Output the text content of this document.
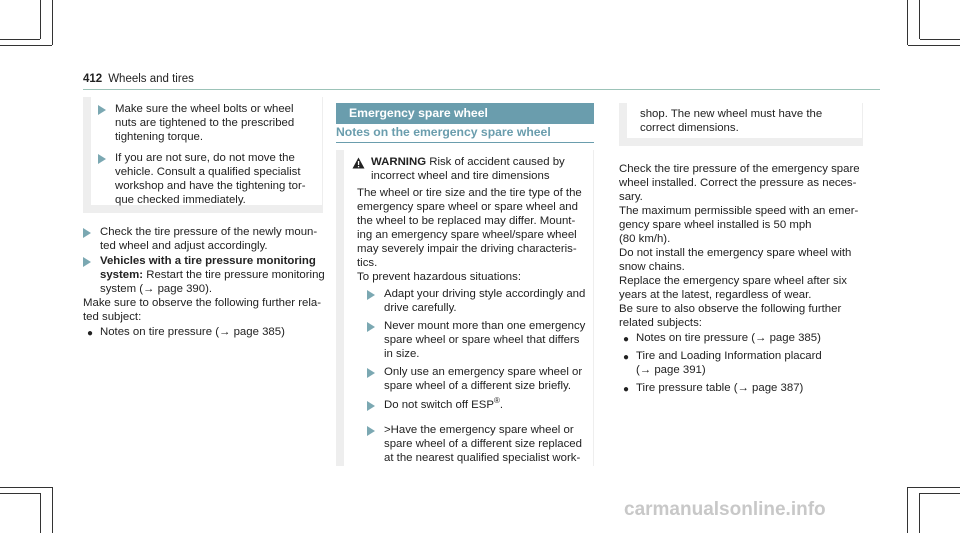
412 Wheels and tires
Make sure the wheel bolts or wheel
nuts are tightened to the prescribed
tightening torque.
If you are not sure, do not move the
vehicle. Consult a qualified specialist
workshop and have the tightening tor-
que checked immediately.
Check the tire pressure of the newly moun-
ted wheel and adjust accordingly.
Vehicles with a tire pressure monitoring
system: Restart the tire pressure monitoring
system (→ page 390).
Make sure to observe the following further rela-
ted subject:
● Notes on tire pressure (→ page 385)
Emergency spare wheel
Notes on the emergency spare wheel
WARNING Risk of accident caused by
incorrect wheel and tire dimensions
The wheel or tire size and the tire type of the
emergency spare wheel or spare wheel and
the wheel to be replaced may differ. Mount-
ing an emergency spare wheel/spare wheel
may severely impair the driving characteris-
tics.
To prevent hazardous situations:
Adapt your driving style accordingly and
drive carefully.
Never mount more than one emergency
spare wheel or spare wheel that differs
in size.
Only use an emergency spare wheel or
spare wheel of a different size briefly.
Do not switch off ESP®.
>Have the emergency spare wheel or
spare wheel of a different size replaced
at the nearest qualified specialist work-
shop. The new wheel must have the
correct dimensions.
Check the tire pressure of the emergency spare
wheel installed. Correct the pressure as neces-
sary.
The maximum permissible speed with an emer-
gency spare wheel installed is 50 mph
(80 km/h).
Do not install the emergency spare wheel with
snow chains.
Replace the emergency spare wheel after six
years at the latest, regardless of wear.
Be sure to also observe the following further
related subjects:
● Notes on tire pressure (→ page 385)
● Tire and Loading Information placard
(→ page 391)
● Tire pressure table (→ page 387)
carmanualsonline.info
